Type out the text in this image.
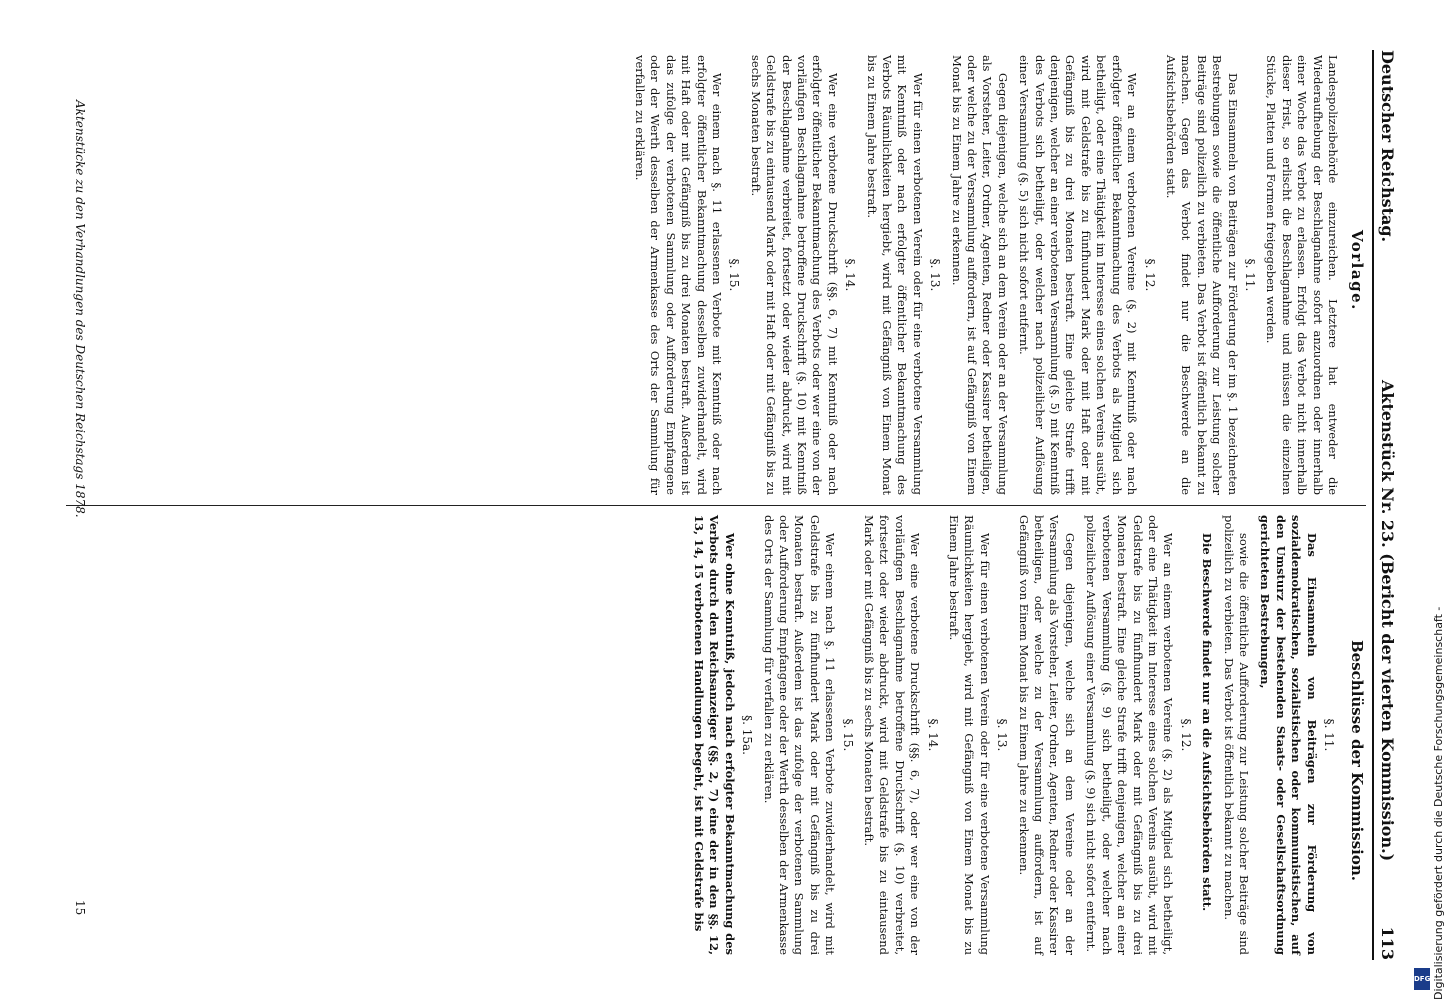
Deutscher Reichstag.
Aktenstück Nr. 23. (Bericht der vierten Kommission.)
113
Vorlage.
Beschlüsse der Kommission.

Landespolizeibehörde einzureichen. Letztere hat entweder die Wiederaufhebung der Beschlagnahme sofort anzuordnen oder innerhalb einer Woche das Verbot zu erlassen. Erfolgt das Verbot nicht innerhalb dieser Frist, so erlischt die Beschlagnahme und müssen die einzelnen Stücke, Platten und Formen freigegeben werden.

§. 11.

Das Einsammeln von Beiträgen zur Förderung der im §. 1 bezeichneten Bestrebungen sowie die öffentliche Aufforderung zur Leistung solcher Beiträge sind polizeilich zu verbieten. Das Verbot ist öffentlich bekannt zu machen. Gegen das Verbot findet nur die Beschwerde an die Aufsichtsbehörden statt.

§. 12.

Wer an einem verbotenen Vereine (§. 2) mit Kenntniß oder nach erfolgter öffentlicher Bekanntmachung des Verbots als Mitglied sich betheiligt, oder eine Thätigkeit im Interesse eines solchen Vereins ausübt, wird mit Geldstrafe bis zu fünfhundert Mark oder mit Haft oder mit Gefängniß bis zu drei Monaten bestraft. Eine gleiche Strafe trifft denjenigen, welcher an einer verbotenen Versammlung (§. 5) mit Kenntniß des Verbots sich betheiligt, oder welcher nach polizeilicher Auflösung einer Versammlung (§. 5) sich nicht sofort entfernt.

Gegen diejenigen, welche sich an dem Verein oder an der Versammlung als Vorsteher, Leiter, Ordner, Agenten, Redner oder Kassirer betheiligen, oder welche zu der Versammlung auffordern, ist auf Gefängniß von Einem Monat bis zu Einem Jahre zu erkennen.

§. 13.

Wer für einen verbotenen Verein oder für eine verbotene Versammlung mit Kenntniß oder nach erfolgter öffentlicher Bekanntmachung des Verbots Räumlichkeiten hergiebt, wird mit Gefängniß von Einem Monat bis zu Einem Jahre bestraft.

§. 14.

Wer eine verbotene Druckschrift (§§. 6, 7) mit Kenntniß oder nach erfolgter öffentlicher Bekanntmachung des Verbots oder wer eine von der vorläufigen Beschlagnahme betroffene Druckschrift (§. 10) mit Kenntniß der Beschlagnahme verbreitet, fortsetzt oder wieder abdruckt, wird mit Geldstrafe bis zu eintausend Mark oder mit Haft oder mit Gefängniß bis zu sechs Monaten bestraft.

§. 15.

Wer einem nach §. 11 erlassenen Verbote mit Kenntniß oder nach erfolgter öffentlicher Bekanntmachung desselben zuwiderhandelt, wird mit Haft oder mit Gefängniß bis zu drei Monaten bestraft. Außerdem ist das zufolge der verbotenen Sammlung oder Aufforderung Empfangene oder der Werth desselben der Armenkasse des Orts der Sammlung für verfallen zu erklären.

§. 11.

Das Einsammeln von Beiträgen zur Förderung von sozialdemokratischen, sozialistischen oder kommunistischen, auf den Umsturz der bestehenden Staats- oder Gesellschaftsordnung gerichteten Bestrebungen,

sowie die öffentliche Aufforderung zur Leistung solcher Beiträge sind polizeilich zu verbieten. Das Verbot ist öffentlich bekannt zu machen.

Die Beschwerde findet nur an die Aufsichtsbehörden statt.

§. 12.

Wer an einem verbotenen Vereine (§. 2) als Mitglied sich betheiligt, oder eine Thätigkeit im Interesse eines solchen Vereins ausübt, wird mit Geldstrafe bis zu fünfhundert Mark oder mit Gefängniß bis zu drei Monaten bestraft. Eine gleiche Strafe trifft denjenigen, welcher an einer verbotenen Versammlung (§. 9) sich betheiligt, oder welcher nach polizeilicher Auflösung einer Versammlung (§. 9) sich nicht sofort entfernt.

Gegen diejenigen, welche sich an dem Vereine oder an der Versammlung als Vorsteher, Leiter, Ordner, Agenten, Redner oder Kassirer betheiligen, oder welche zu der Versammlung auffordern, ist auf Gefängniß von Einem Monat bis zu Einem Jahre zu erkennen.

§. 13.

Wer für einen verbotenen Verein oder für eine verbotene Versammlung Räumlichkeiten hergiebt, wird mit Gefängniß von Einem Monat bis zu Einem Jahre bestraft.

§. 14.

Wer eine verbotene Druckschrift (§§. 6, 7), oder wer eine von der vorläufigen Beschlagnahme betroffene Druckschrift (§. 10) verbreitet, fortsetzt oder wieder abdruckt, wird mit Geldstrafe bis zu eintausend Mark oder mit Gefängniß bis zu sechs Monaten bestraft.

§. 15.

Wer einem nach §. 11 erlassenen Verbote zuwiderhandelt, wird mit Geldstrafe bis zu fünfhundert Mark oder mit Gefängniß bis zu drei Monaten bestraft. Außerdem ist das zufolge der verbotenen Sammlung oder Aufforderung Empfangene oder der Werth desselben der Armenkasse des Orts der Sammlung für verfallen zu erklären.

§. 15a.

Wer ohne Kenntniß, jedoch nach erfolgter Bekanntmachung des Verbots durch den Reichsanzeiger (§§. 2, 7) eine der in den §§. 12, 13, 14, 15 verbotenen Handlungen begeht, ist mit Geldstrafe bis

Aktenstücke zu den Verhandlungen des Deutschen Reichstags 1878.
15	Digitalisierung gefördert durch die Deutsche Forschungsgemeinschaft -
DFG
